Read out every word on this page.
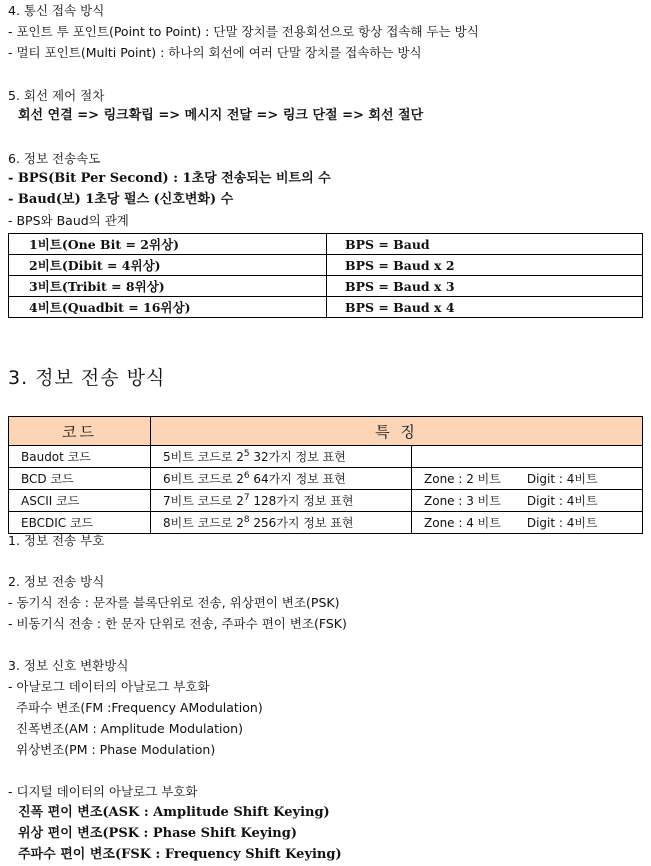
4. 통신 접속 방식
- 포인트 투 포인트(Point to Point) : 단말 장치를 전용회선으로 항상 접속해 두는 방식
- 멀티 포인트(Multi Point) : 하나의 회선에 여러 단말 장치를 접속하는 방식
5. 회선 제어 절차
회선 연결 => 링크확립 => 메시지 전달 => 링크 단절 => 회선 절단
6. 정보 전송속도
- BPS(Bit Per Second) : 1초당 전송되는 비트의 수
- Baud(보) 1초당 펄스 (신호변화) 수
- BPS와 Baud의 관계
1비트(One Bit = 2위상)	BPS = Baud
2비트(Dibit = 4위상)	BPS = Baud x 2
3비트(Tribit = 8위상)	BPS = Baud x 3
4비트(Quadbit = 16위상)	BPS = Baud x 4
3. 정보 전송 방식
코드	특 징	
Baudot 코드	5비트 코드로 $2^5$ 32가지 정보 표현	
BCD 코드	6비트 코드로 $2^6$ 64가지 정보 표현	Zone : 2 비트 Digit : 4비트
ASCII 코드	7비트 코드로 $2^7$ 128가지 정보 표현	Zone : 3 비트 Digit : 4비트
EBCDIC 코드	8비트 코드로 $2^8$ 256가지 정보 표현	Zone : 4 비트 Digit : 4비트
1. 정보 전송 부호
2. 정보 전송 방식
- 동기식 전송 : 문자를 블록단위로 전송, 위상편이 변조(PSK)
- 비동기식 전송 : 한 문자 단위로 전송, 주파수 편이 변조(FSK)
3. 정보 신호 변환방식
- 아날로그 데이터의 아날로그 부호화
주파수 변조(FM :Frequency AModulation)
진폭변조(AM : Amplitude Modulation)
위상변조(PM : Phase Modulation)
- 디지털 데이터의 아날로그 부호화
진폭 편이 변조(ASK : Amplitude Shift Keying)
위상 편이 변조(PSK : Phase Shift Keying)
주파수 편이 변조(FSK : Frequency Shift Keying)
